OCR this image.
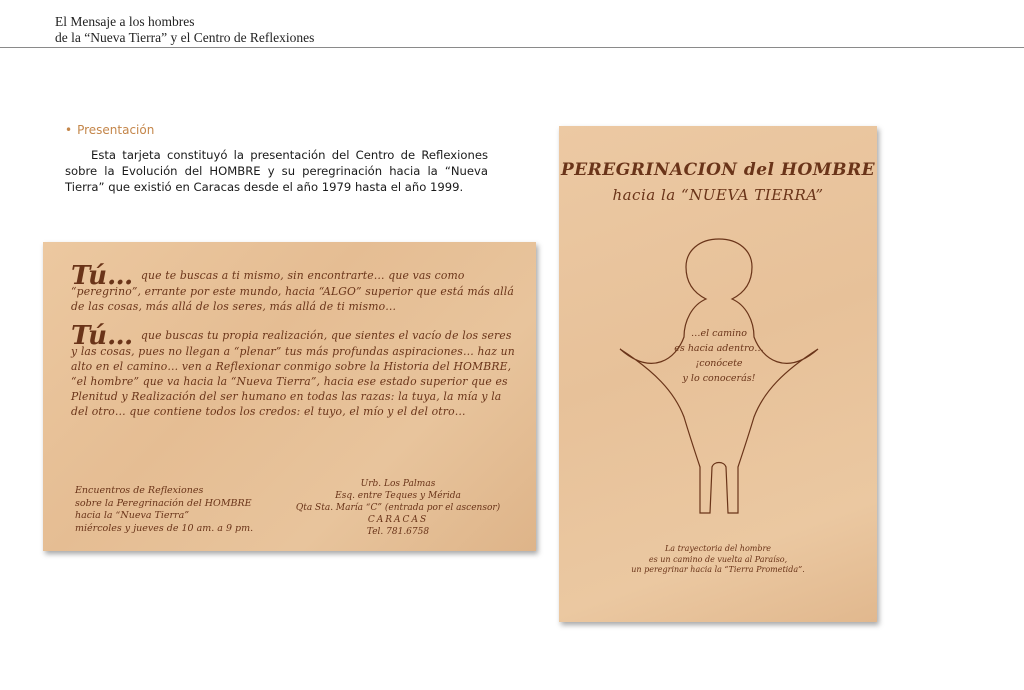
El Mensaje a los hombres
de la “Nueva Tierra” y el Centro de Reflexiones
• Presentación

Esta tarjeta constituyó la presentación del Centro de Reflexiones sobre la Evolución del HOMBRE y su peregrinación hacia la “Nueva Tierra” que existió en Caracas desde el año 1979 hasta el año 1999.

Tú… que te buscas a ti mismo, sin encontrarte… que vas como “peregrino”, errante por este mundo, hacia “ALGO” superior que está más allá de las cosas, más allá de los seres, más allá de ti mismo…
Tú… que buscas tu propia realización, que sientes el vacío de los seres y las cosas, pues no llegan a “plenar” tus más profundas aspiraciones… haz un alto en el camino… ven a Reflexionar conmigo sobre la Historia del HOMBRE, “el hombre” que va hacia la “Nueva Tierra”, hacia ese estado superior que es Plenitud y Realización del ser humano en todas las razas: la tuya, la mía y la del otro… que contiene todos los credos: el tuyo, el mío y el del otro…
Encuentros de Reflexiones
sobre la Peregrinación del HOMBRE
hacia la “Nueva Tierra”
miércoles y jueves de 10 am. a 9 pm.
Urb. Los Palmas
Esq. entre Teques y Mérida
Qta Sta. María “C” (entrada por el ascensor)
CARACAS
Tel. 781.6758
PEREGRINACION del HOMBRE
hacia la “NUEVA TIERRA”
…el camino
es hacia adentro…
¡conócete
y lo conocerás!
La trayectoria del hombre
es un camino de vuelta al Paraíso,
un peregrinar hacia la “Tierra Prometida”.
